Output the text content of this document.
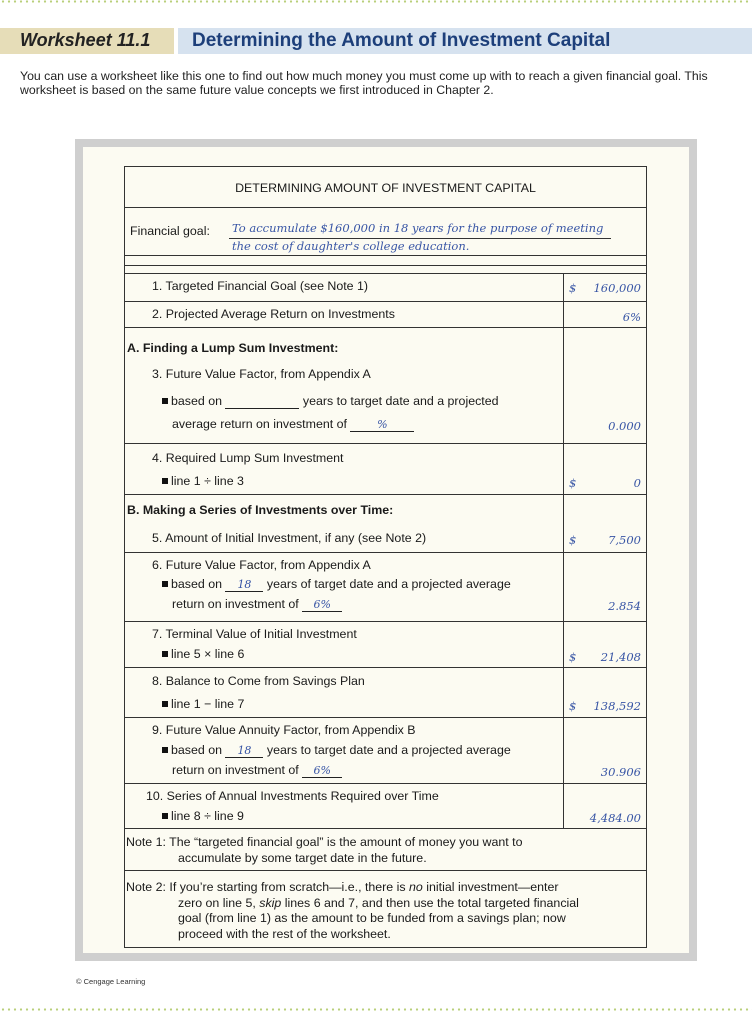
Worksheet 11.1 Determining the Amount of Investment Capital

You can use a worksheet like this one to find out how much money you must come up with to reach a given financial goal. This worksheet is based on the same future value concepts we first introduced in Chapter 2.

DETERMINING AMOUNT OF INVESTMENT CAPITAL
Financial goal: To accumulate $160,000 in 18 years for the purpose of meeting
the cost of daughter's college education.
1. Targeted Financial Goal (see Note 1)	$ 160,000
2. Projected Average Return on Investments	6%
A. Finding a Lump Sum Investment:
3. Future Value Factor, from Appendix A
based on	years to target date and a projected
average return on investment of	%	0.000
4. Required Lump Sum Investment
line 1 ÷ line 3	$	0
B. Making a Series of Investments over Time:
5. Amount of Initial Investment, if any (see Note 2)	$	7,500
6. Future Value Factor, from Appendix A
based on 18 years of target date and a projected average
return on investment of 6%	2.854
7. Terminal Value of Initial Investment
line 5 × line 6	$ 21,408
8. Balance to Come from Savings Plan
line 1 − line 7	$ 138,592
9. Future Value Annuity Factor, from Appendix B
based on 18 years to target date and a projected average
return on investment of 6%	30.906
10. Series of Annual Investments Required over Time
line 8 ÷ line 9	4,484.00
Note 1: The “targeted financial goal” is the amount of money you want to
accumulate by some target date in the future.
Note 2: If you’re starting from scratch—i.e., there is no initial investment—enter
zero on line 5, skip lines 6 and 7, and then use the total targeted financial
goal (from line 1) as the amount to be funded from a savings plan; now
proceed with the rest of the worksheet.
© Cengage Learning
